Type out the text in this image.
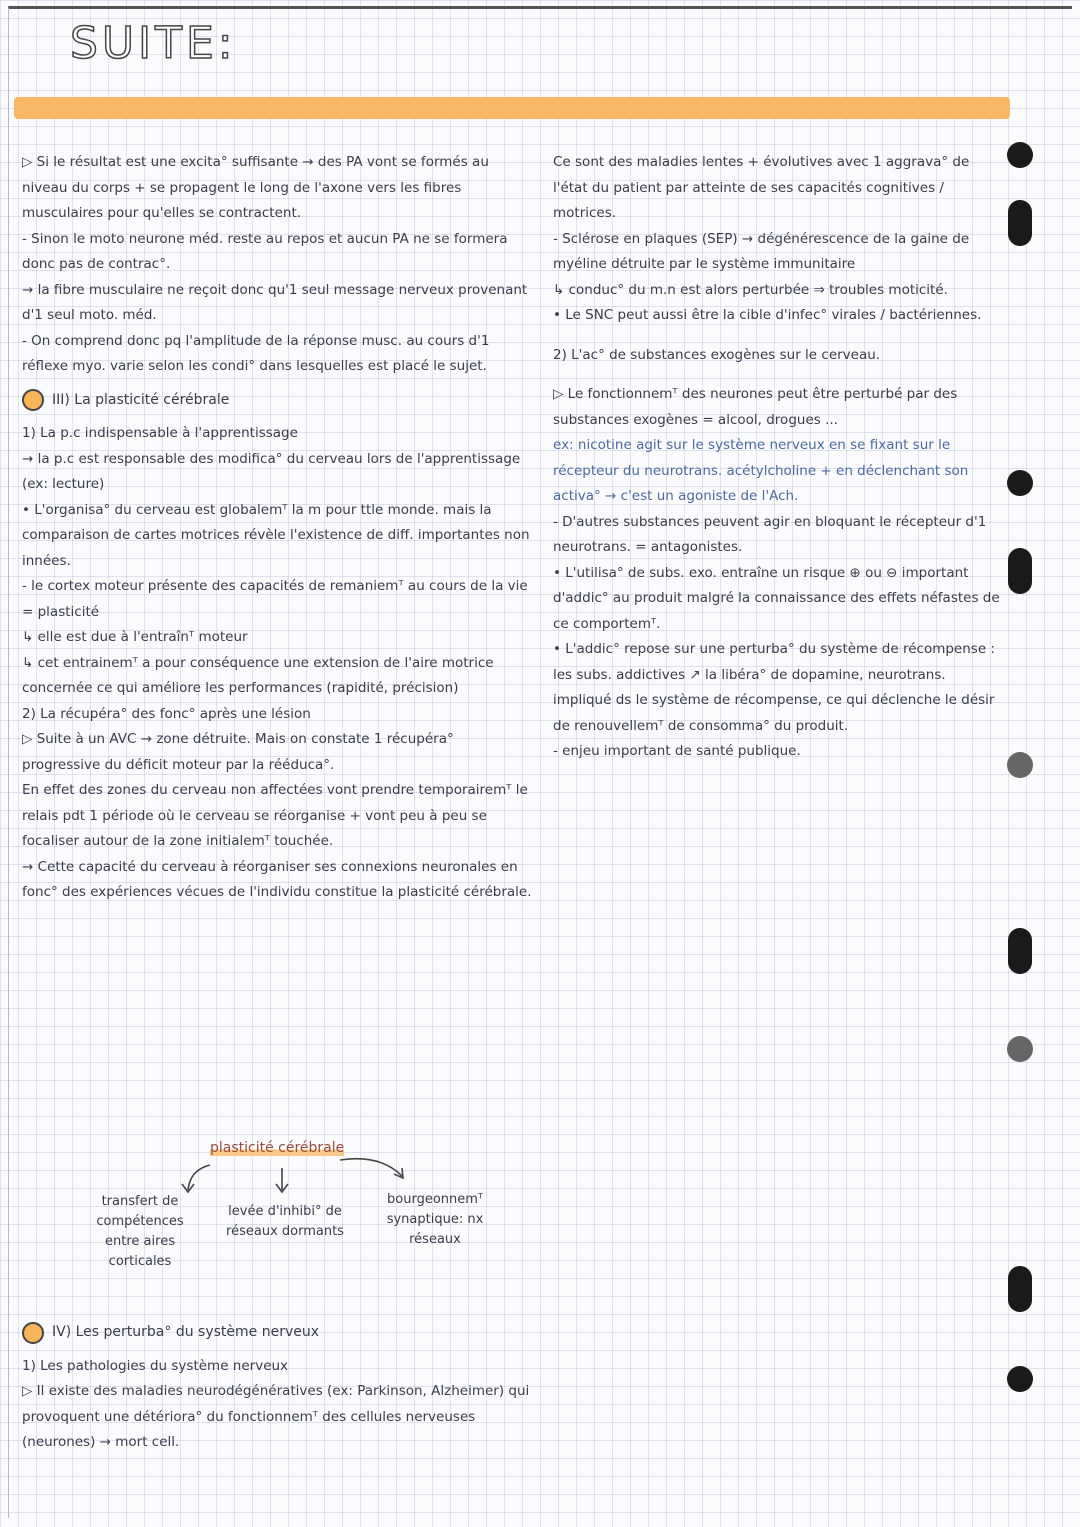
SUITE:

▷ Si le résultat est une excita° suffisante → des PA vont se formés au niveau du corps + se propagent le long de l'axone vers les fibres musculaires pour qu'elles se contractent.

- Sinon le moto neurone méd. reste au repos et aucun PA ne se formera donc pas de contrac°.

→ la fibre musculaire ne reçoit donc qu'1 seul message nerveux provenant d'1 seul moto. méd.

- On comprend donc pq l'amplitude de la réponse musc. au cours d'1 réflexe myo. varie selon les condi° dans lesquelles est placé le sujet.

III) La plasticité cérébrale

1) La p.c indispensable à l'apprentissage

→ la p.c est responsable des modifica° du cerveau lors de l'apprentissage (ex: lecture)

• L'organisa° du cerveau est globalemᵀ la m pour ttle monde. mais la comparaison de cartes motrices révèle l'existence de diff. importantes non innées.

- le cortex moteur présente des capacités de remaniemᵀ au cours de la vie = plasticité

↳ elle est due à l'entraînᵀ moteur

↳ cet entrainemᵀ a pour conséquence une extension de l'aire motrice concernée ce qui améliore les performances (rapidité, précision)

2) La récupéra° des fonc° après une lésion

▷ Suite à un AVC → zone détruite. Mais on constate 1 récupéra° progressive du déficit moteur par la rééduca°.

En effet des zones du cerveau non affectées vont prendre temporairemᵀ le relais pdt 1 période où le cerveau se réorganise + vont peu à peu se focaliser autour de la zone initialemᵀ touchée.

→ Cette capacité du cerveau à réorganiser ses connexions neuronales en fonc° des expériences vécues de l'individu constitue la plasticité cérébrale.

plasticité cérébrale
transfert de compétences entre aires corticales
levée d'inhibi° de réseaux dormants
bourgeonnemᵀ synaptique: nx réseaux
IV) Les perturba° du système nerveux

1) Les pathologies du système nerveux

▷ Il existe des maladies neurodégénératives (ex: Parkinson, Alzheimer) qui provoquent une détériora° du fonctionnemᵀ des cellules nerveuses (neurones) → mort cell.

Ce sont des maladies lentes + évolutives avec 1 aggrava° de l'état du patient par atteinte de ses capacités cognitives / motrices.

- Sclérose en plaques (SEP) → dégénérescence de la gaine de myéline détruite par le système immunitaire

↳ conduc° du m.n est alors perturbée ⇒ troubles moticité.

• Le SNC peut aussi être la cible d'infec° virales / bactériennes.

2) L'ac° de substances exogènes sur le cerveau.

▷ Le fonctionnemᵀ des neurones peut être perturbé par des substances exogènes = alcool, drogues ...

ex: nicotine agit sur le système nerveux en se fixant sur le récepteur du neurotrans. acétylcholine + en déclenchant son activa° → c'est un agoniste de l'Ach.

- D'autres substances peuvent agir en bloquant le récepteur d'1 neurotrans. = antagonistes.

• L'utilisa° de subs. exo. entraîne un risque ⊕ ou ⊖ important d'addic° au produit malgré la connaissance des effets néfastes de ce comportemᵀ.

• L'addic° repose sur une perturba° du système de récompense : les subs. addictives ↗ la libéra° de dopamine, neurotrans. impliqué ds le système de récompense, ce qui déclenche le désir de renouvellemᵀ de consomma° du produit.

- enjeu important de santé publique.
